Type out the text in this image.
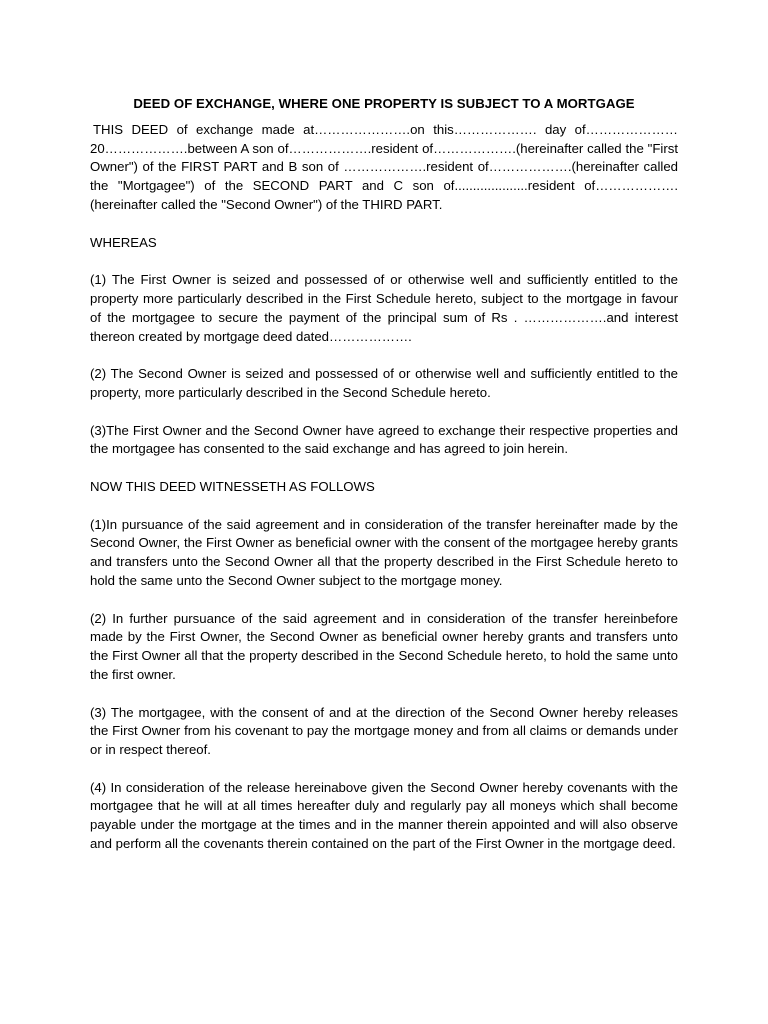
DEED OF EXCHANGE, WHERE ONE PROPERTY IS SUBJECT TO A MORTGAGE
THIS DEED of exchange made at………………….on this………………. day of…………………20……………….between A son of……………….resident of……………….(hereinafter called the "First Owner") of the FIRST PART and B son of ……………….resident of……………….(hereinafter called the "Mortgagee") of the SECOND PART and C son of....................resident of……………….(hereinafter called the "Second Owner") of the THIRD PART.
WHEREAS
(1) The First Owner is seized and possessed of or otherwise well and sufficiently entitled to the property more particularly described in the First Schedule hereto, subject to the mortgage in favour of the mortgagee to secure the payment of the principal sum of Rs . ……………….and interest thereon created by mortgage deed dated……………….
(2) The Second Owner is seized and possessed of or otherwise well and sufficiently entitled to the property, more particularly described in the Second Schedule hereto.
(3)The First Owner and the Second Owner have agreed to exchange their respective properties and the mortgagee has consented to the said exchange and has agreed to join herein.
NOW THIS DEED WITNESSETH AS FOLLOWS
(1)In pursuance of the said agreement and in consideration of the transfer hereinafter made by the Second Owner, the First Owner as beneficial owner with the consent of the mortgagee hereby grants and transfers unto the Second Owner all that the property described in the First Schedule hereto to hold the same unto the Second Owner subject to the mortgage money.
(2) In further pursuance of the said agreement and in consideration of the transfer hereinbefore made by the First Owner, the Second Owner as beneficial owner hereby grants and transfers unto the First Owner all that the property described in the Second Schedule hereto, to hold the same unto the first owner.
(3) The mortgagee, with the consent of and at the direction of the Second Owner hereby releases the First Owner from his covenant to pay the mortgage money and from all claims or demands under or in respect thereof.
(4) In consideration of the release hereinabove given the Second Owner hereby covenants with the mortgagee that he will at all times hereafter duly and regularly pay all moneys which shall become payable under the mortgage at the times and in the manner therein appointed and will also observe and perform all the covenants therein contained on the part of the First Owner in the mortgage deed.
